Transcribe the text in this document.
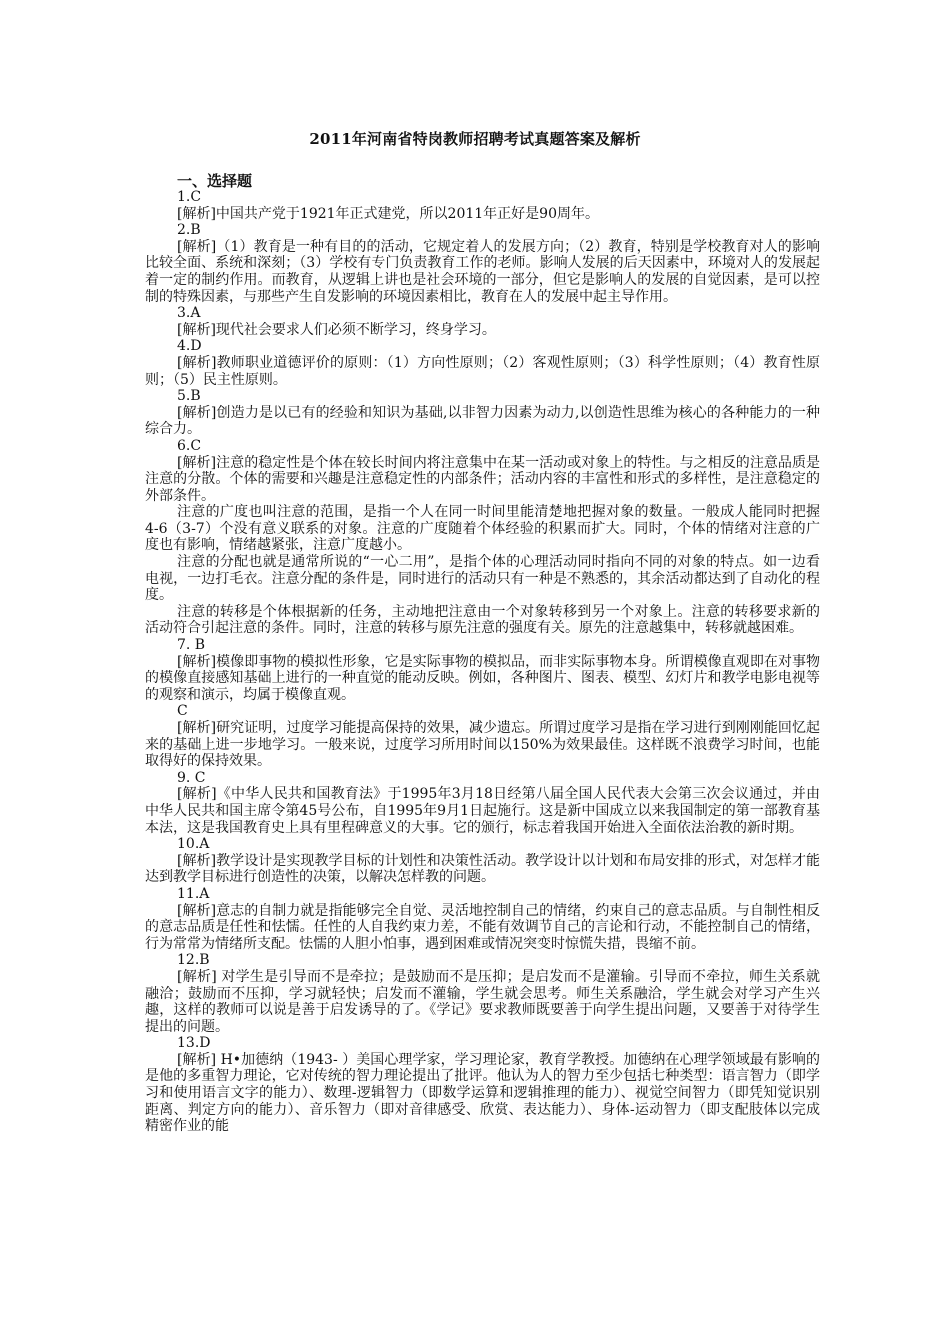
2011年河南省特岗教师招聘考试真题答案及解析
一、选择题

1.C

[解析]中国共产党于1921年正式建党，所以2011年正好是90周年。

2.B

[解析]（1）教育是一种有目的的活动，它规定着人的发展方向；（2）教育，特别是学校教育对人的影响比较全面、系统和深刻；（3）学校有专门负责教育工作的老师。影响人发展的后天因素中，环境对人的发展起着一定的制约作用。而教育，从逻辑上讲也是社会环境的一部分，但它是影响人的发展的自觉因素，是可以控制的特殊因素，与那些产生自发影响的环境因素相比，教育在人的发展中起主导作用。

3.A

[解析]现代社会要求人们必须不断学习，终身学习。

4.D

[解析]教师职业道德评价的原则：（1）方向性原则；（2）客观性原则；（3）科学性原则；（4）教育性原则；（5）民主性原则。

5.B

[解析]创造力是以已有的经验和知识为基础,以非智力因素为动力,以创造性思维为核心的各种能力的一种综合力。

6.C

[解析]注意的稳定性是个体在较长时间内将注意集中在某一活动或对象上的特性。与之相反的注意品质是注意的分散。个体的需要和兴趣是注意稳定性的内部条件；活动内容的丰富性和形式的多样性，是注意稳定的外部条件。

注意的广度也叫注意的范围，是指一个人在同一时间里能清楚地把握对象的数量。一般成人能同时把握4-6（3-7）个没有意义联系的对象。注意的广度随着个体经验的积累而扩大。同时，个体的情绪对注意的广度也有影响，情绪越紧张，注意广度越小。

注意的分配也就是通常所说的“一心二用”，是指个体的心理活动同时指向不同的对象的特点。如一边看电视，一边打毛衣。注意分配的条件是，同时进行的活动只有一种是不熟悉的，其余活动都达到了自动化的程度。

注意的转移是个体根据新的任务，主动地把注意由一个对象转移到另一个对象上。注意的转移要求新的活动符合引起注意的条件。同时，注意的转移与原先注意的强度有关。原先的注意越集中，转移就越困难。

7. B

[解析]模像即事物的模拟性形象，它是实际事物的模拟品，而非实际事物本身。所谓模像直观即在对事物的模像直接感知基础上进行的一种直觉的能动反映。例如，各种图片、图表、模型、幻灯片和教学电影电视等的观察和演示，均属于模像直观。

C

[解析]研究证明，过度学习能提高保持的效果，减少遗忘。所谓过度学习是指在学习进行到刚刚能回忆起来的基础上进一步地学习。一般来说，过度学习所用时间以150%为效果最佳。这样既不浪费学习时间，也能取得好的保持效果。

9. C

[解析]《中华人民共和国教育法》于1995年3月18日经第八届全国人民代表大会第三次会议通过，并由中华人民共和国主席令第45号公布，自1995年9月1日起施行。这是新中国成立以来我国制定的第一部教育基本法，这是我国教育史上具有里程碑意义的大事。它的颁行，标志着我国开始进入全面依法治教的新时期。

10.A

[解析]教学设计是实现教学目标的计划性和决策性活动。教学设计以计划和布局安排的形式，对怎样才能达到教学目标进行创造性的决策，以解决怎样教的问题。

11.A

[解析]意志的自制力就是指能够完全自觉、灵活地控制自己的情绪，约束自己的意志品质。与自制性相反的意志品质是任性和怯懦。任性的人自我约束力差，不能有效调节自己的言论和行动，不能控制自己的情绪，行为常常为情绪所支配。怯懦的人胆小怕事，遇到困难或情况突变时惊慌失措，畏缩不前。

12.B

[解析] 对学生是引导而不是牵拉；是鼓励而不是压抑；是启发而不是灌输。引导而不牵拉，师生关系就融洽；鼓励而不压抑，学习就轻快；启发而不灌输，学生就会思考。师生关系融洽，学生就会对学习产生兴趣，这样的教师可以说是善于启发诱导的了。《学记》要求教师既要善于向学生提出问题，又要善于对待学生提出的问题。

13.D

[解析] H•加德纳（1943- ）美国心理学家，学习理论家，教育学教授。加德纳在心理学领域最有影响的是他的多重智力理论，它对传统的智力理论提出了批评。他认为人的智力至少包括七种类型：语言智力（即学习和使用语言文字的能力）、数理-逻辑智力（即数学运算和逻辑推理的能力）、视觉空间智力（即凭知觉识别距离、判定方向的能力）、音乐智力（即对音律感受、欣赏、表达能力）、身体-运动智力（即支配肢体以完成精密作业的能
